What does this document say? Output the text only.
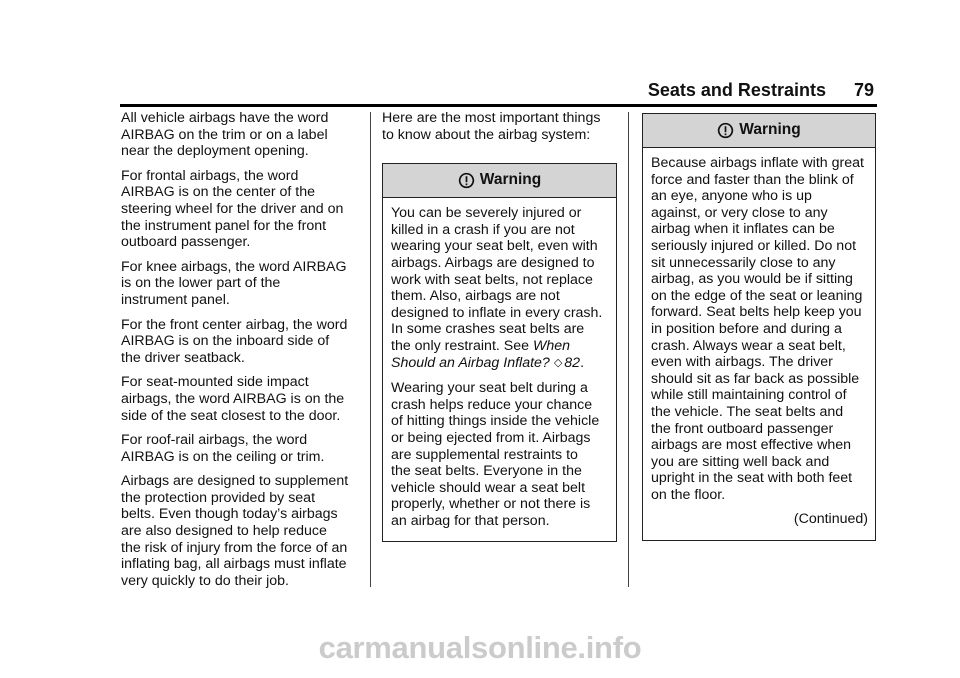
Seats and Restraints 79

All vehicle airbags have the word
AIRBAG on the trim or on a label
near the deployment opening.

For frontal airbags, the word
AIRBAG is on the center of the
steering wheel for the driver and on
the instrument panel for the front
outboard passenger.

For knee airbags, the word AIRBAG
is on the lower part of the
instrument panel.

For the front center airbag, the word
AIRBAG is on the inboard side of
the driver seatback.

For seat-mounted side impact
airbags, the word AIRBAG is on the
side of the seat closest to the door.

For roof-rail airbags, the word
AIRBAG is on the ceiling or trim.

Airbags are designed to supplement
the protection provided by seat
belts. Even though today’s airbags
are also designed to help reduce
the risk of injury from the force of an
inflating bag, all airbags must inflate
very quickly to do their job.

Here are the most important things
to know about the airbag system:

Warning

You can be severely injured or
killed in a crash if you are not
wearing your seat belt, even with
airbags. Airbags are designed to
work with seat belts, not replace
them. Also, airbags are not
designed to inflate in every crash.
In some crashes seat belts are
the only restraint. See When
Should an Airbag Inflate? ◇ 82.

Wearing your seat belt during a
crash helps reduce your chance
of hitting things inside the vehicle
or being ejected from it. Airbags
are supplemental restraints to
the seat belts. Everyone in the
vehicle should wear a seat belt
properly, whether or not there is
an airbag for that person.

Warning

Because airbags inflate with great
force and faster than the blink of
an eye, anyone who is up
against, or very close to any
airbag when it inflates can be
seriously injured or killed. Do not
sit unnecessarily close to any
airbag, as you would be if sitting
on the edge of the seat or leaning
forward. Seat belts help keep you
in position before and during a
crash. Always wear a seat belt,
even with airbags. The driver
should sit as far back as possible
while still maintaining control of
the vehicle. The seat belts and
the front outboard passenger
airbags are most effective when
you are sitting well back and
upright in the seat with both feet
on the floor.

(Continued)

carmanualsonline.info
